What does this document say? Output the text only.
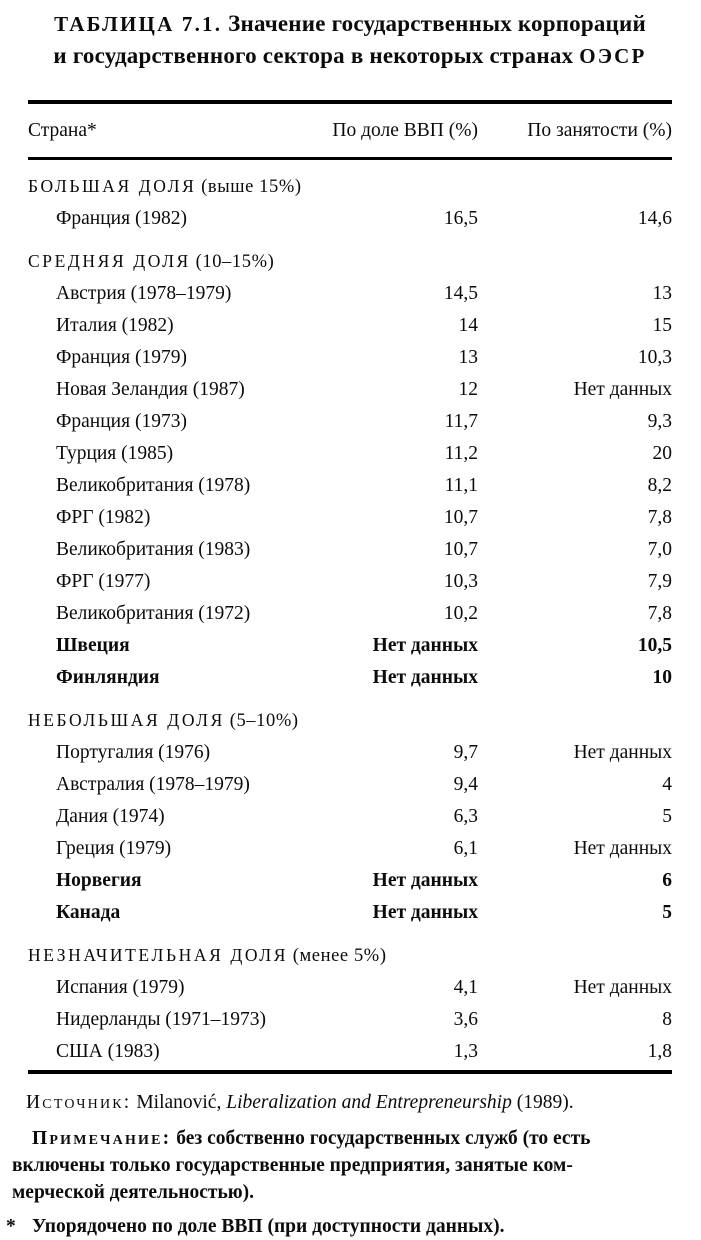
ТАБЛИЦА 7.1. Значение государственных корпораций
и государственного сектора в некоторых странах ОЭСР
Страна*	По доле ВВП (%)	По занятости (%)
БОЛЬШАЯ ДОЛЯ (выше 15%)
Франция (1982)	16,5	14,6
СРЕДНЯЯ ДОЛЯ (10–15%)
Австрия (1978–1979)	14,5	13
Италия (1982)	14	15
Франция (1979)	13	10,3
Новая Зеландия (1987)	12	Нет данных
Франция (1973)	11,7	9,3
Турция (1985)	11,2	20
Великобритания (1978)	11,1	8,2
ФРГ (1982)	10,7	7,8
Великобритания (1983)	10,7	7,0
ФРГ (1977)	10,3	7,9
Великобритания (1972)	10,2	7,8
Швеция	Нет данных	10,5
Финляндия	Нет данных	10
НЕБОЛЬШАЯ ДОЛЯ (5–10%)
Португалия (1976)	9,7	Нет данных
Австралия (1978–1979)	9,4	4
Дания (1974)	6,3	5
Греция (1979)	6,1	Нет данных
Норвегия	Нет данных	6
Канада	Нет данных	5
НЕЗНАЧИТЕЛЬНАЯ ДОЛЯ (менее 5%)
Испания (1979)	4,1	Нет данных
Нидерланды (1971–1973)	3,6	8
США (1983)	1,3	1,8

Источник: Milanović, Liberalization and Entrepreneurship (1989).

Примечание: без собственно государственных служб (то есть
включены только государственные предприятия, занятые ком-
мерческой деятельностью).

* Упорядочено по доле ВВП (при доступности данных).
